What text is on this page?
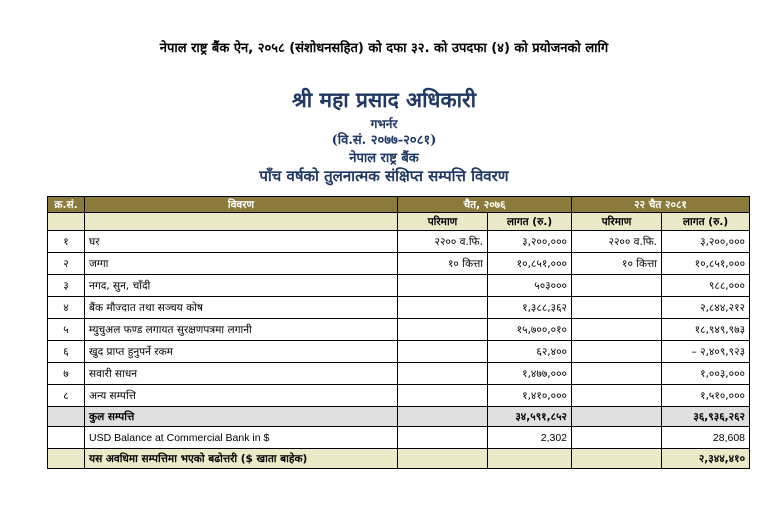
नेपाल राष्ट्र बैंक ऐन, २०५८ (संशोधनसहित) को दफा ३२. को उपदफा (४) को प्रयोजनको लागि
श्री महा प्रसाद अधिकारी
गभर्नर
(वि.सं. २०७७-२०८१)
नेपाल राष्ट्र बैंक
पाँच वर्षको तुलनात्मक संक्षिप्त सम्पत्ति विवरण
क्र.सं.	विवरण	चैत, २०७६		२२ चैत २०८१	
		परिमाण	लागत (रु.)	परिमाण	लागत (रु.)
१	घर	२२०० व.फि.	३,२००,०००	२२०० व.फि.	३,२००,०००
२	जग्गा	१० कित्ता	१०,८५१,०००	१० कित्ता	१०,८५१,०००
३	नगद, सुन, चाँदी		५०३०००		९८८,०००
४	बैंक मौज्दात तथा सञ्चय कोष		१,३८८,३६२		२,८४४,२१२
५	म्युचुअल फण्ड लगायत सुरक्षणपत्रमा लगानी		१५,७००,०१०		१८,९४९,९७३
६	खुद प्राप्त हुनुपर्ने रकम		६२,४००		– २,४०९,९२३
७	सवारी साधन		१,४७७,०००		१,००३,०००
८	अन्य सम्पत्ति		१,४१०,०००		१,५१०,०००
	कुल सम्पत्ति		३४,५९१,८५२		३६,९३६,२६२
	USD Balance at Commercial Bank in $		2,302		28,608
	यस अवधिमा सम्पत्तिमा भएको बढोत्तरी ($ खाता बाहेक)				२,३४४,४१०
